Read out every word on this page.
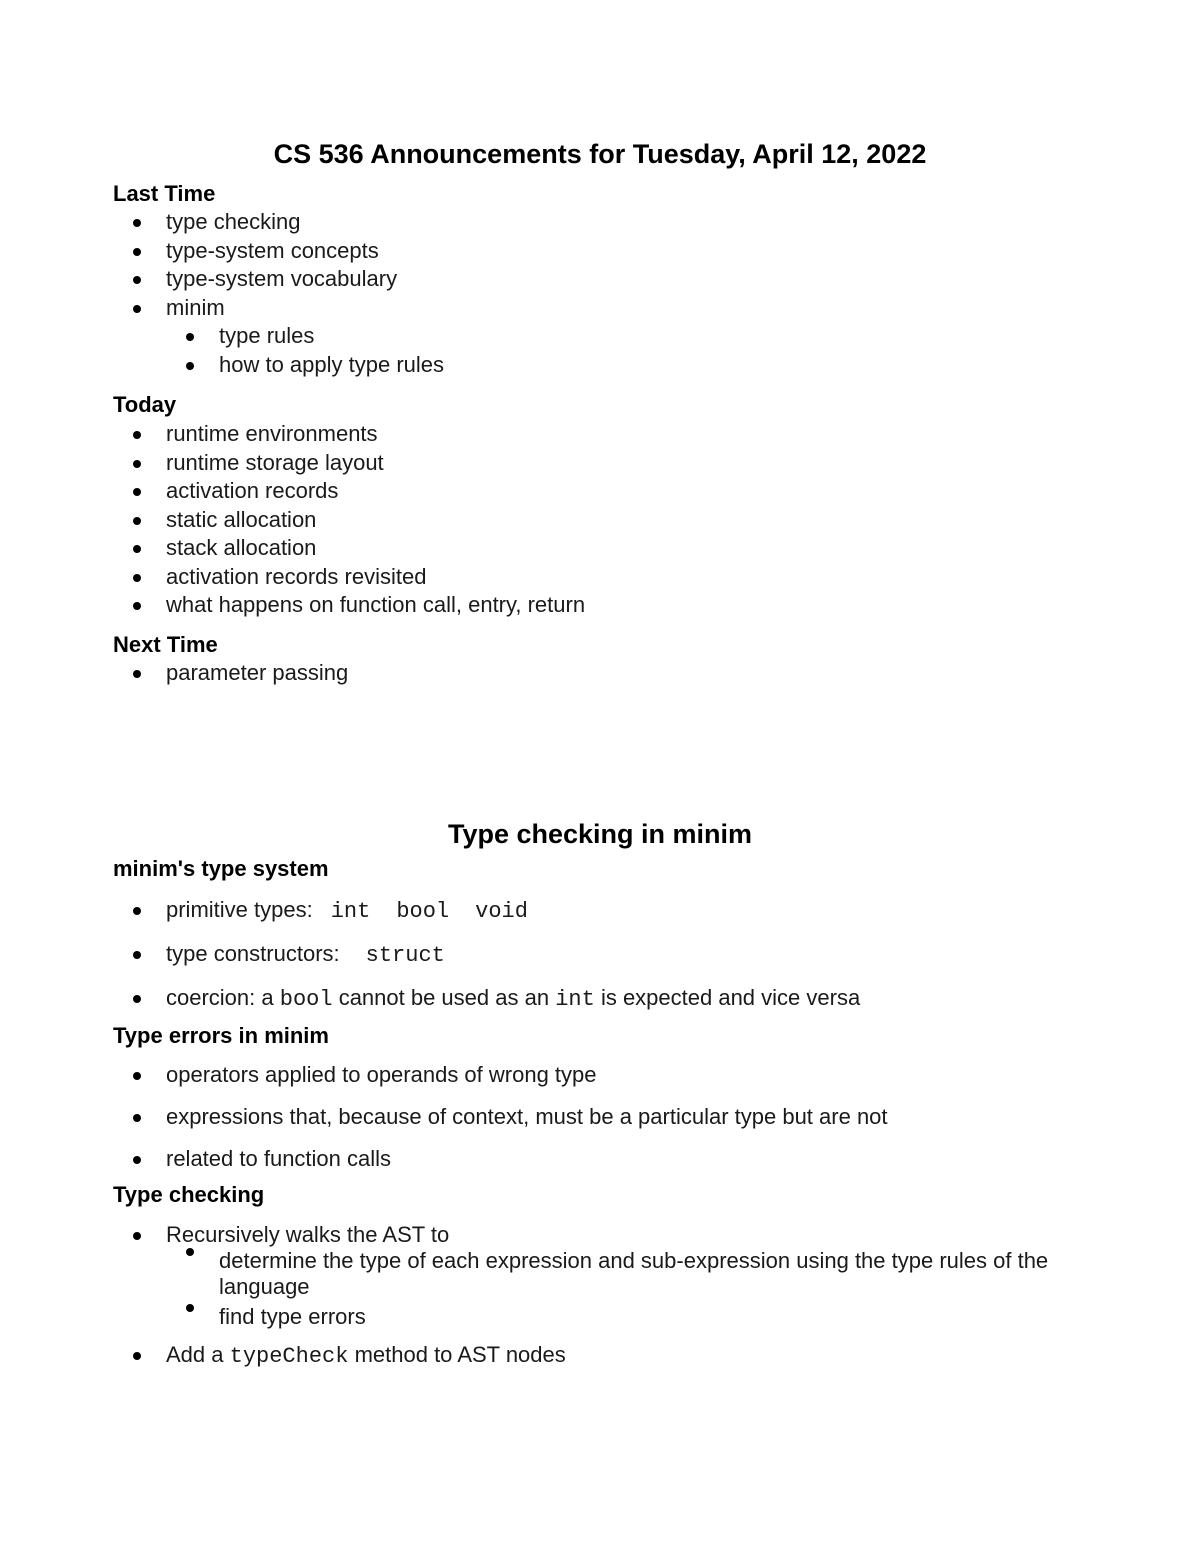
CS 536 Announcements for Tuesday, April 12, 2022
Last Time
type checking
type-system concepts
type-system vocabulary
minim
type rules
how to apply type rules
Today
runtime environments
runtime storage layout
activation records
static allocation
stack allocation
activation records revisited
what happens on function call, entry, return
Next Time
parameter passing
Type checking in minim
minim's type system
primitive types: int bool void
type constructors: struct
coercion: a bool cannot be used as an int is expected and vice versa
Type errors in minim
operators applied to operands of wrong type
expressions that, because of context, must be a particular type but are not
related to function calls
Type checking
Recursively walks the AST to
determine the type of each expression and sub-expression using the type rules of the language
find type errors
Add a typeCheck method to AST nodes
